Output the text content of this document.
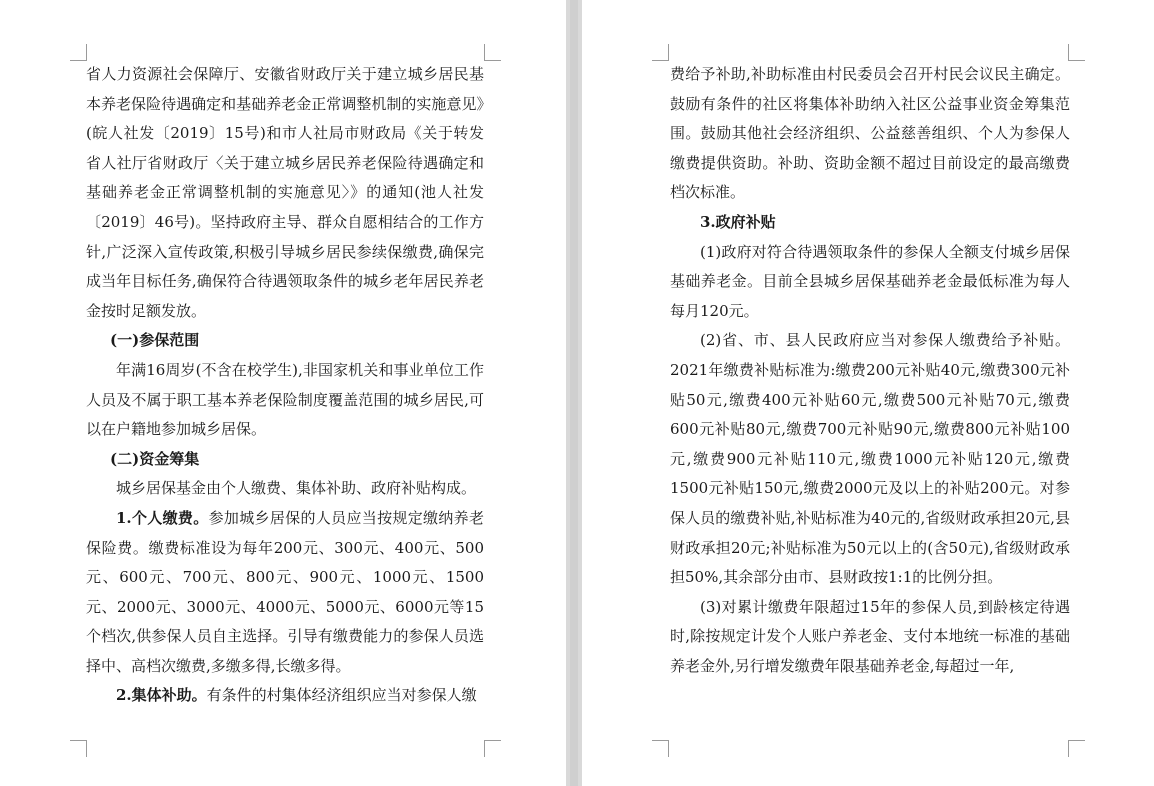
省人力资源社会保障厅、安徽省财政厅关于建立城乡居民基本养老保险待遇确定和基础养老金正常调整机制的实施意见》(皖人社发〔2019〕15号)和市人社局市财政局《关于转发省人社厅省财政厅〈关于建立城乡居民养老保险待遇确定和基础养老金正常调整机制的实施意见〉》的通知(池人社发〔2019〕46号)。坚持政府主导、群众自愿相结合的工作方针,广泛深入宣传政策,积极引导城乡居民参续保缴费,确保完成当年目标任务,确保符合待遇领取条件的城乡老年居民养老金按时足额发放。

(一)参保范围

年满16周岁(不含在校学生),非国家机关和事业单位工作人员及不属于职工基本养老保险制度覆盖范围的城乡居民,可以在户籍地参加城乡居保。

(二)资金筹集

城乡居保基金由个人缴费、集体补助、政府补贴构成。

1.个人缴费。参加城乡居保的人员应当按规定缴纳养老保险费。缴费标准设为每年200元、300元、400元、500元、600元、700元、800元、900元、1000元、1500元、2000元、3000元、4000元、5000元、6000元等15个档次,供参保人员自主选择。引导有缴费能力的参保人员选择中、高档次缴费,多缴多得,长缴多得。

2.集体补助。有条件的村集体经济组织应当对参保人缴

费给予补助,补助标准由村民委员会召开村民会议民主确定。鼓励有条件的社区将集体补助纳入社区公益事业资金筹集范围。鼓励其他社会经济组织、公益慈善组织、个人为参保人缴费提供资助。补助、资助金额不超过目前设定的最高缴费档次标准。

3.政府补贴

(1)政府对符合待遇领取条件的参保人全额支付城乡居保基础养老金。目前全县城乡居保基础养老金最低标准为每人每月120元。

(2)省、市、县人民政府应当对参保人缴费给予补贴。2021年缴费补贴标准为:缴费200元补贴40元,缴费300元补贴50元,缴费400元补贴60元,缴费500元补贴70元,缴费 600元补贴80元,缴费700元补贴90元,缴费800元补贴100元,缴费900元补贴110元,缴费1000元补贴120元,缴费1500元补贴150元,缴费2000元及以上的补贴200元。对参保人员的缴费补贴,补贴标准为40元的,省级财政承担20元,县财政承担20元;补贴标准为50元以上的(含50元),省级财政承担50%,其余部分由市、县财政按1:1的比例分担。

(3)对累计缴费年限超过15年的参保人员,到龄核定待遇时,除按规定计发个人账户养老金、支付本地统一标准的基础养老金外,另行增发缴费年限基础养老金,每超过一年,
